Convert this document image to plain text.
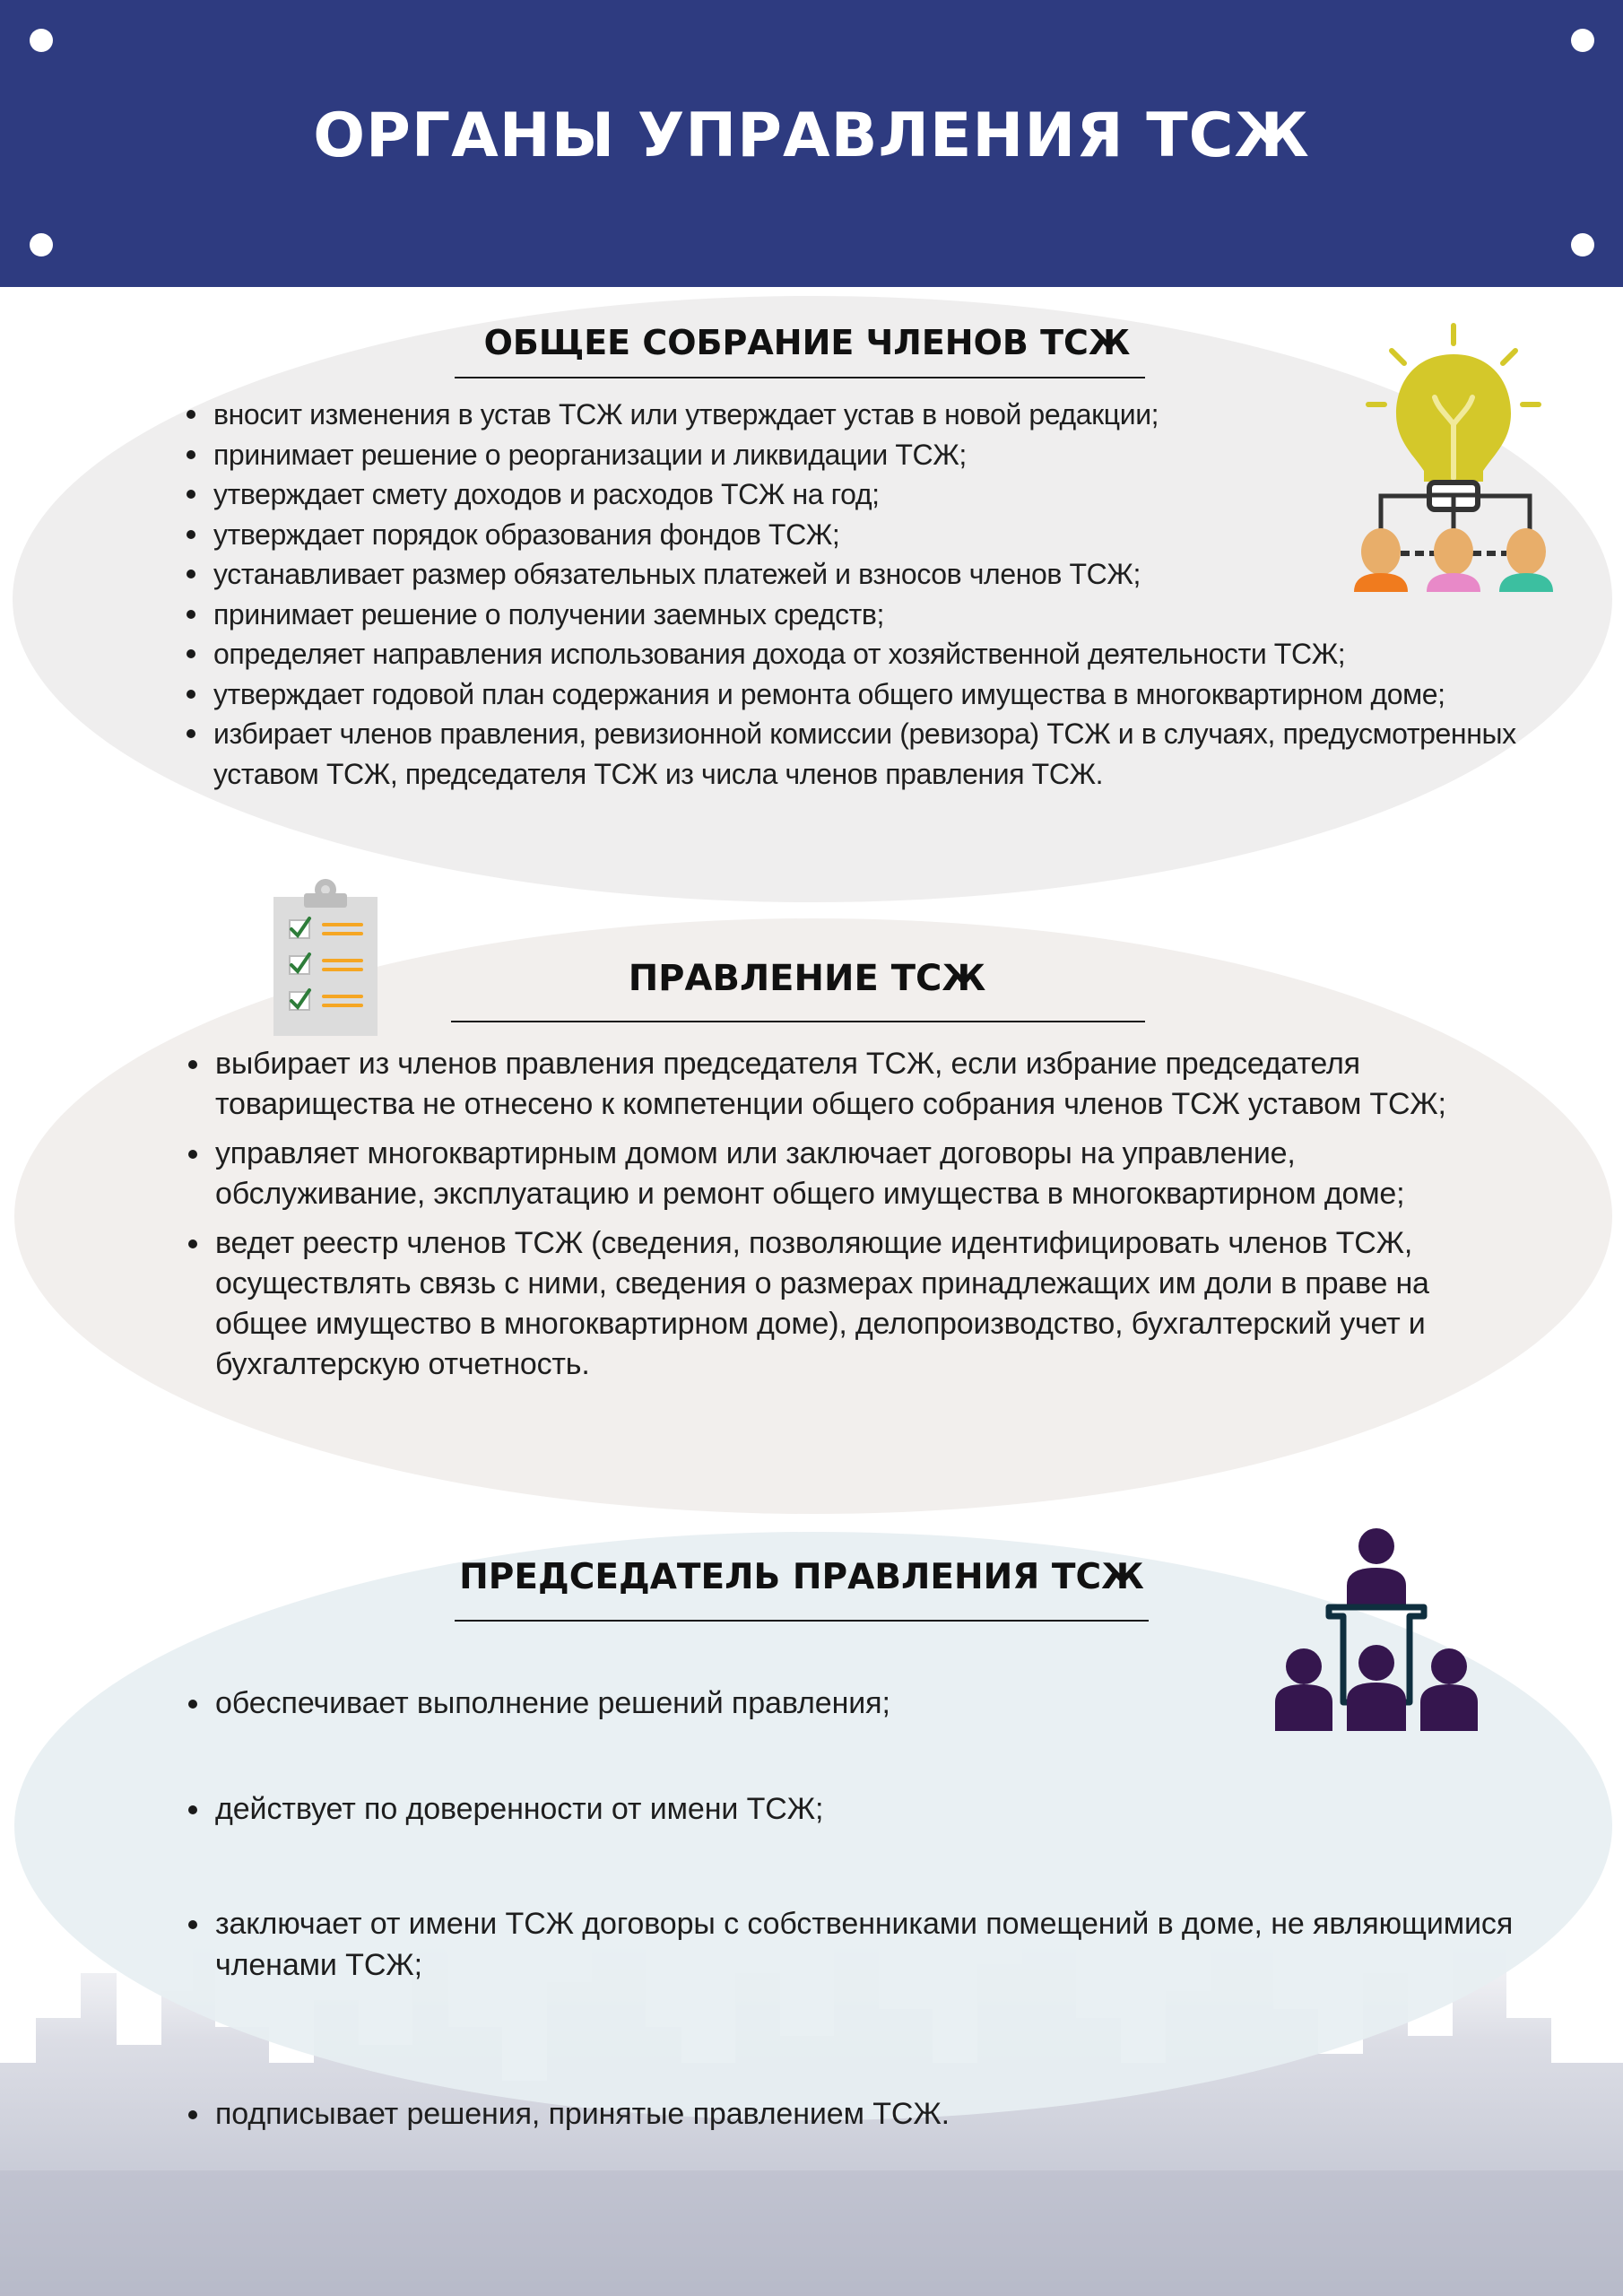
ОРГАНЫ УПРАВЛЕНИЯ ТСЖ
ОБЩЕЕ СОБРАНИЕ ЧЛЕНОВ ТСЖ
вносит изменения в устав ТСЖ или утверждает устав в новой редакции;
принимает решение о реорганизации и ликвидации ТСЖ;
утверждает смету доходов и расходов ТСЖ на год;
утверждает порядок образования фондов ТСЖ;
устанавливает размер обязательных платежей и взносов членов ТСЖ;
принимает решение о получении заемных средств;
определяет направления использования дохода от хозяйственной деятельности ТСЖ;
утверждает годовой план содержания и ремонта общего имущества в многоквартирном доме;
избирает членов правления, ревизионной комиссии (ревизора) ТСЖ и в случаях, предусмотренных уставом ТСЖ, председателя ТСЖ из числа членов правления ТСЖ.
ПРАВЛЕНИЕ ТСЖ
выбирает из членов правления председателя ТСЖ, если избрание председателя товарищества не отнесено к компетенции общего собрания членов ТСЖ уставом ТСЖ;
управляет многоквартирным домом или заключает договоры на управление, обслуживание, эксплуатацию и ремонт общего имущества в многоквартирном доме;
ведет реестр членов ТСЖ (сведения, позволяющие идентифицировать членов ТСЖ, осуществлять связь с ними, сведения о размерах принадлежащих им доли в праве на общее имущество в многоквартирном доме), делопроизводство, бухгалтерский учет и бухгалтерскую отчетность.
ПРЕДСЕДАТЕЛЬ ПРАВЛЕНИЯ ТСЖ
обеспечивает выполнение решений правления;
действует по доверенности от имени ТСЖ;
заключает от имени ТСЖ договоры с собственниками помещений в доме, не являющимися членами ТСЖ;
подписывает решения, принятые правлением ТСЖ.
